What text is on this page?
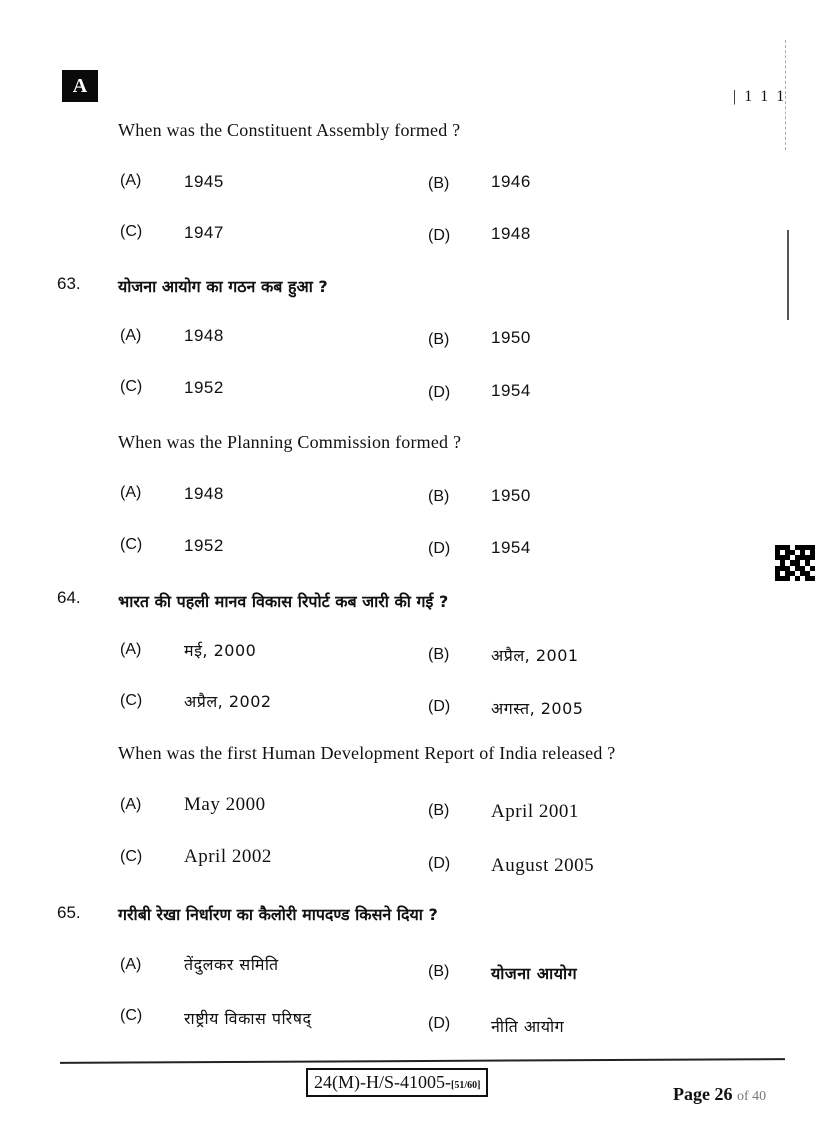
A	| 1 1 1
When was the Constituent Assembly formed ?
(A)	1945	(B) 1946
(C) 1947	(D) 1948
63. योजना आयोग का गठन कब हुआ ?
(A)	1948	(B) 1950
(C) 1952	(D) 1954
When was the Planning Commission formed ?
(A)	1948	(B) 1950
(C) 1952	(D) 1954
64. भारत की पहली मानव विकास रिपोर्ट कब जारी की गई ?
(A)	मई, 2000	(B)	अप्रैल, 2001
(C)	अप्रैल, 2002	(D)	अगस्त, 2005
When was the first Human Development Report of India released ?
(A) May 2000	(B) April 2001
(C) April 2002	(D) August 2005
65. गरीबी रेखा निर्धारण का कैलोरी मापदण्ड किसने दिया ?
(A)	तेंदुलकर समिति	(B)	योजना आयोग
(C)	राष्ट्रीय विकास परिषद्	(D)	नीति आयोग
24(M)-H/S-41005-[51/60]	Page 26 of 40
